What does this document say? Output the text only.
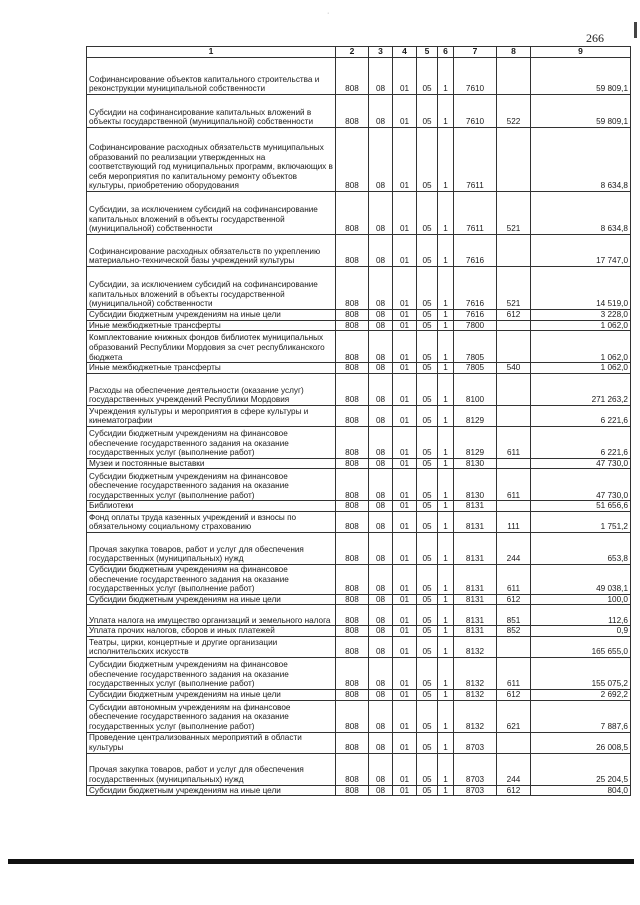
266
·
1	2	3	4	5	6	7	8	9
Софинансирование объектов капитального строительства и реконструкции муниципальной собственности	808	08	01	05	1	7610		59 809,1
Субсидии на софинансирование капитальных вложений в объекты государственной (муниципальной) собственности	808	08	01	05	1	7610	522	59 809,1
Софинансирование расходных обязательств муниципальных образований по реализации утвержденных на соответствующий год муниципальных программ, включающих в себя мероприятия по капитальному ремонту объектов культуры, приобретению оборудования	808	08	01	05	1	7611		8 634,8
Субсидии, за исключением субсидий на софинансирование капитальных вложений в объекты государственной (муниципальной) собственности	808	08	01	05	1	7611	521	8 634,8
Софинансирование расходных обязательств по укреплению материально-технической базы учреждений культуры	808	08	01	05	1	7616		17 747,0
Субсидии, за исключением субсидий на софинансирование капитальных вложений в объекты государственной (муниципальной) собственности	808	08	01	05	1	7616	521	14 519,0
Субсидии бюджетным учреждениям на иные цели	808	08	01	05	1	7616	612	3 228,0
Иные межбюджетные трансферты	808	08	01	05	1	7800		1 062,0
Комплектование книжных фондов библиотек муниципальных образований Республики Мордовия за счет республиканского бюджета	808	08	01	05	1	7805		1 062,0
Иные межбюджетные трансферты	808	08	01	05	1	7805	540	1 062,0
Расходы на обеспечение деятельности (оказание услуг) государственных учреждений Республики Мордовия	808	08	01	05	1	8100		271 263,2
Учреждения культуры и мероприятия в сфере культуры и кинематографии	808	08	01	05	1	8129		6 221,6
Субсидии бюджетным учреждениям на финансовое обеспечение государственного задания на оказание государственных услуг (выполнение работ)	808	08	01	05	1	8129	611	6 221,6
Музеи и постоянные выставки	808	08	01	05	1	8130		47 730,0
Субсидии бюджетным учреждениям на финансовое обеспечение государственного задания на оказание государственных услуг (выполнение работ)	808	08	01	05	1	8130	611	47 730,0
Библиотеки	808	08	01	05	1	8131		51 656,6
Фонд оплаты труда казенных учреждений и взносы по обязательному социальному страхованию	808	08	01	05	1	8131	111	1 751,2
Прочая закупка товаров, работ и услуг для обеспечения государственных (муниципальных) нужд	808	08	01	05	1	8131	244	653,8
Субсидии бюджетным учреждениям на финансовое обеспечение государственного задания на оказание государственных услуг (выполнение работ)	808	08	01	05	1	8131	611	49 038,1
Субсидии бюджетным учреждениям на иные цели	808	08	01	05	1	8131	612	100,0
Уплата налога на имущество организаций и земельного налога	808	08	01	05	1	8131	851	112,6
Уплата прочих налогов, сборов и иных платежей	808	08	01	05	1	8131	852	0,9
Театры, цирки, концертные и другие организации исполнительских искусств	808	08	01	05	1	8132		165 655,0
Субсидии бюджетным учреждениям на финансовое обеспечение государственного задания на оказание государственных услуг (выполнение работ)	808	08	01	05	1	8132	611	155 075,2
Субсидии бюджетным учреждениям на иные цели	808	08	01	05	1	8132	612	2 692,2
Субсидии автономным учреждениям на финансовое обеспечение государственного задания на оказание государственных услуг (выполнение работ)	808	08	01	05	1	8132	621	7 887,6
Проведение централизованных мероприятий в области культуры	808	08	01	05	1	8703		26 008,5
Прочая закупка товаров, работ и услуг для обеспечения государственных (муниципальных) нужд	808	08	01	05	1	8703	244	25 204,5
Субсидии бюджетным учреждениям на иные цели	808	08	01	05	1	8703	612	804,0
